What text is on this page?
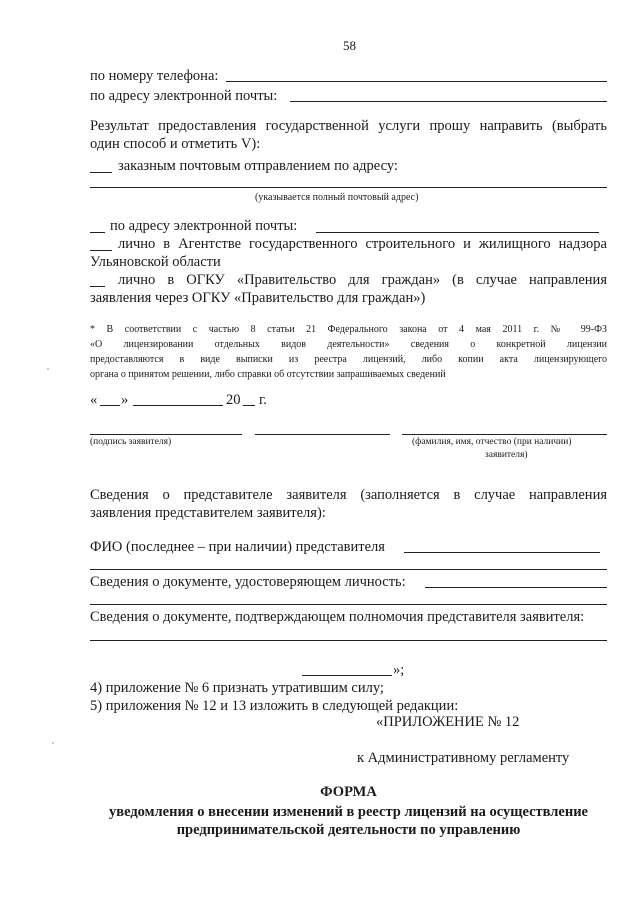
58
по номеру телефона:
по адресу электронной почты:
Результат предоставления государственной услуги прошу направить (выбрать
один способ и отметить V):
заказным почтовым отправлением по адресу:
(указывается полный почтовый адрес)
по адресу электронной почты:
лично в Агентстве государственного строительного и жилищного надзора
Ульяновской области
лично в ОГКУ «Правительство для граждан» (в случае направления
заявления через ОГКУ «Правительство для граждан»)
* В соответствии с частью 8 статьи 21 Федерального закона от 4 мая 2011 г. № 99-ФЗ
«О лицензировании отдельных видов деятельности» сведения о конкретной лицензии
предоставляются в виде выписки из реестра лицензий, либо копии акта лицензирующего
органа о принятом решении, либо справки об отсутствии запрашиваемых сведений
« »	20 г.
(подпись заявителя)	(фамилия, имя, отчество (при наличии)
заявителя)
Сведения о представителе заявителя (заполняется в случае направления
заявления представителем заявителя):
ФИО (последнее – при наличии) представителя
Сведения о документе, удостоверяющем личность:
Сведения о документе, подтверждающем полномочия представителя заявителя:
»;
4) приложение № 6 признать утратившим силу;
5) приложения № 12 и 13 изложить в следующей редакции:
«ПРИЛОЖЕНИЕ № 12
к Административному регламенту
ФОРМА
уведомления о внесении изменений в реестр лицензий на осуществление
предпринимательской деятельности по управлению
